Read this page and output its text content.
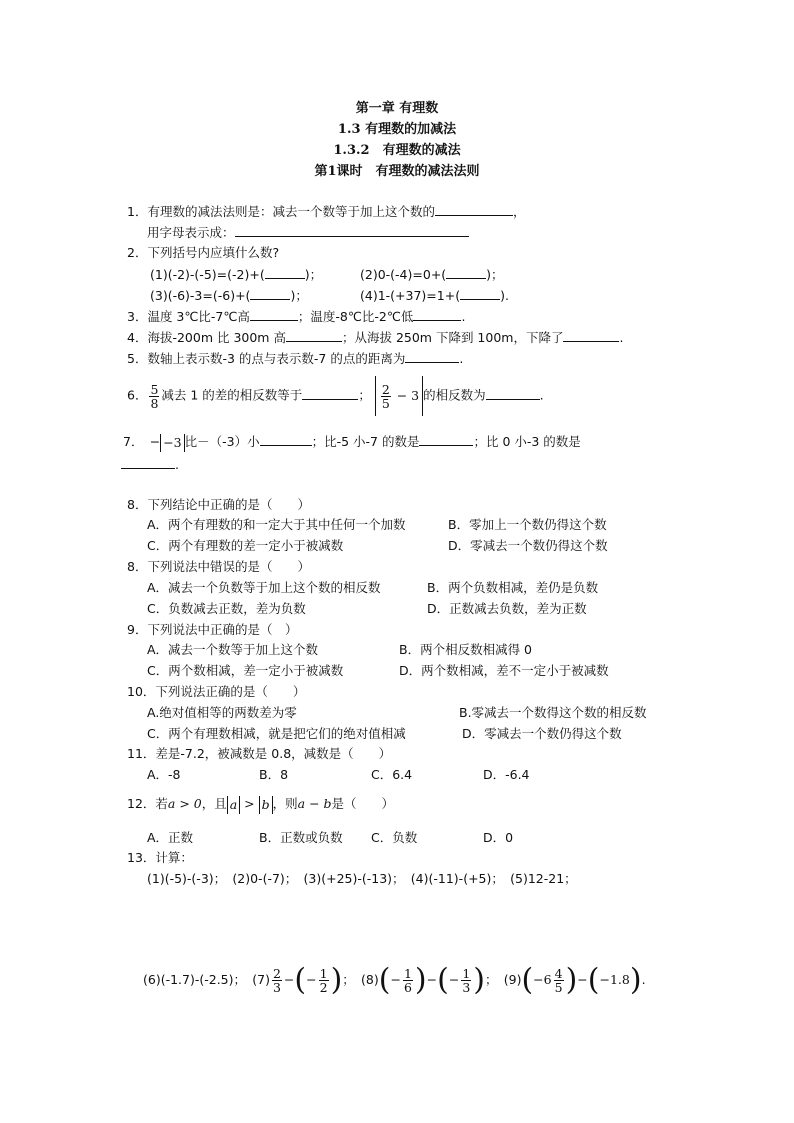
第一章 有理数
1.3 有理数的加减法
1.3.2　有理数的减法
第1课时　有理数的减法法则
1．有理数的减法法则是：减去一个数等于加上这个数的	，
用字母表示成：
2．下列括号内应填什么数?
(1)(-2)-(-5)=(-2)+(	)；	(2)0-(-4)=0+(	)；
(3)(-6)-3=(-6)+(	)；	(4)1-(+37)=1+(	).
3．温度 3℃比-7℃高	；温度-8℃比-2℃低	.
4．海拔-200m 比 300m 高	；从海拔 250m 下降到 100m，下降了	.
5．数轴上表示数-3 的点与表示数-7 的点的距离为	.
6． $\frac{5}{8}$ 减去 1 的差的相反数等于	； $\frac{2}{5} - 3$ 的相反数为	.
7．　− −3 比－（-3）小	；比-5 小-7 的数是	；比 0 小-3 的数是
.
8．下列结论中正确的是（　　）
A．两个有理数的和一定大于其中任何一个加数	B．零加上一个数仍得这个数
C．两个有理数的差一定小于被减数	D．零减去一个数仍得这个数
8．下列说法中错误的是（　　）
A．减去一个负数等于加上这个数的相反数	B．两个负数相减，差仍是负数
C．负数减去正数，差为负数	D．正数减去负数，差为正数
9．下列说法中正确的是（　）
A．减去一个数等于加上这个数	B．两个相反数相减得 0
C．两个数相减，差一定小于被减数	D．两个数相减，差不一定小于被减数
10．下列说法正确的是（　　）
A.绝对值相等的两数差为零	B.零减去一个数得这个数的相反数
C．两个有理数相减，就是把它们的绝对值相减	D．零减去一个数仍得这个数
11．差是-7.2，被减数是 0.8，减数是（　　）
A．-8	B．8	C．6.4	D．-6.4
12．若a > 0，且 a > b ，则a − b是（　　）
A．正数	B．正数或负数 C．负数	D．0
13．计算：
(1)(-5)-(-3)；　(2)0-(-7)；　(3)(+25)-(-13)；　(4)(-11)-(+5)；　(5)12-21；
(6)(-1.7)-(-2.5)；　$(7) \frac{2}{3}$ −(− $\frac{1}{2}$ )；　$(8)(- \frac{1}{6}$ )−(− $\frac{1}{3}$ )；　$(9)(-6 \frac{4}{5} )-(-1.8)$.
